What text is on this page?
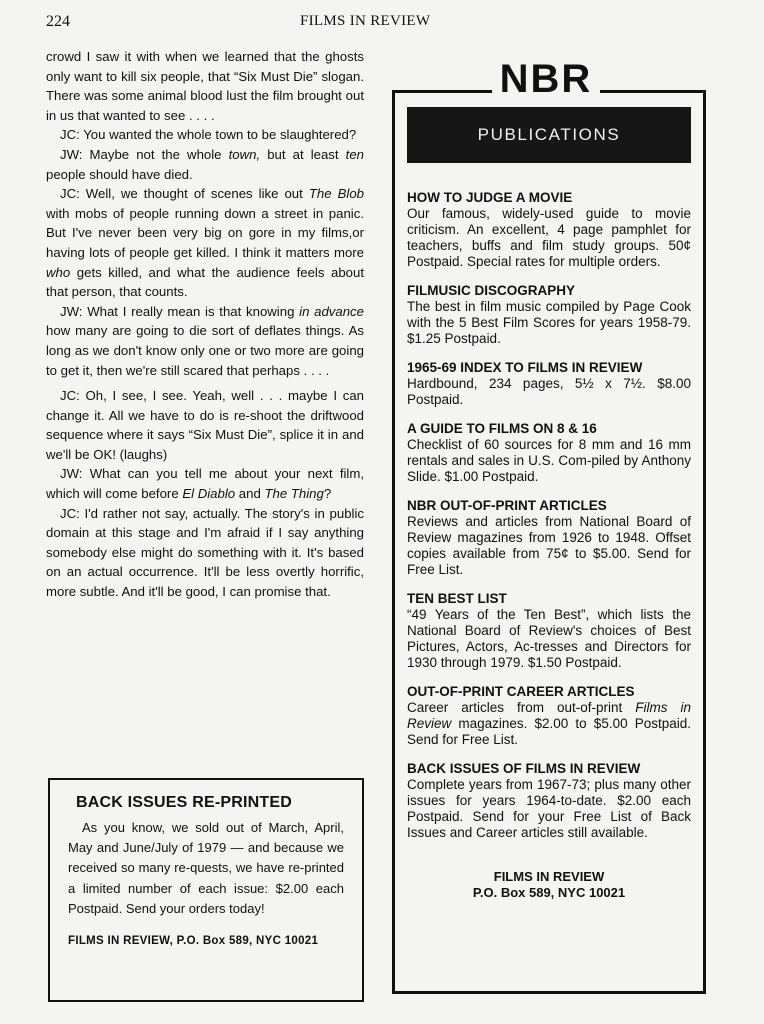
224	FILMS IN REVIEW

crowd I saw it with when we learned that the ghosts only want to kill six people, that “Six Must Die” slogan. There was some animal blood lust the film brought out in us that wanted to see . . . .

JC: You wanted the whole town to be slaughtered?

JW: Maybe not the whole town, but at least ten people should have died.

JC: Well, we thought of scenes like out The Blob with mobs of people running down a street in panic. But I've never been very big on gore in my films,or having lots of people get killed. I think it matters more who gets killed, and what the audience feels about that person, that counts.

JW: What I really mean is that knowing in advance how many are going to die sort of deflates things. As long as we don't know only one or two more are going to get it, then we're still scared that perhaps . . . .

JC: Oh, I see, I see. Yeah, well . . . maybe I can change it. All we have to do is re-shoot the driftwood sequence where it says “Six Must Die”, splice it in and we'll be OK! (laughs)

JW: What can you tell me about your next film, which will come before El Diablo and The Thing?

JC: I'd rather not say, actually. The story's in public domain at this stage and I'm afraid if I say anything somebody else might do something with it. It's based on an actual occurrence. It'll be less overtly horrific, more subtle. And it'll be good, I can promise that.

BACK ISSUES RE-PRINTED

As you know, we sold out of March, April, May and June/July of 1979 — and because we received so many re-quests, we have re-printed a limited number of each issue: $2.00 each Postpaid. Send your orders today!

FILMS IN REVIEW, P.O. Box 589, NYC 10021
PUBLICATIONS
HOW TO JUDGE A MOVIE
Our famous, widely-used guide to movie criticism. An excellent, 4 page pamphlet for teachers, buffs and film study groups. 50¢ Postpaid. Special rates for multiple orders.
FILMUSIC DISCOGRAPHY
The best in film music compiled by Page Cook with the 5 Best Film Scores for years 1958-79. $1.25 Postpaid.
1965-69 INDEX TO FILMS IN REVIEW
Hardbound, 234 pages, 5½ x 7½. $8.00 Postpaid.
A GUIDE TO FILMS ON 8 & 16
Checklist of 60 sources for 8 mm and 16 mm rentals and sales in U.S. Com-piled by Anthony Slide. $1.00 Postpaid.
NBR OUT-OF-PRINT ARTICLES
Reviews and articles from National Board of Review magazines from 1926 to 1948. Offset copies available from 75¢ to $5.00. Send for Free List.
TEN BEST LIST
“49 Years of the Ten Best”, which lists the National Board of Review's choices of Best Pictures, Actors, Ac-tresses and Directors for 1930 through 1979. $1.50 Postpaid.
OUT-OF-PRINT CAREER ARTICLES
Career articles from out-of-print Films in Review magazines. $2.00 to $5.00 Postpaid. Send for Free List.
BACK ISSUES OF FILMS IN REVIEW
Complete years from 1967-73; plus many other issues for years 1964-to-date. $2.00 each Postpaid. Send for your Free List of Back Issues and Career articles still available.
FILMS IN REVIEW
P.O. Box 589, NYC 10021
NBR
